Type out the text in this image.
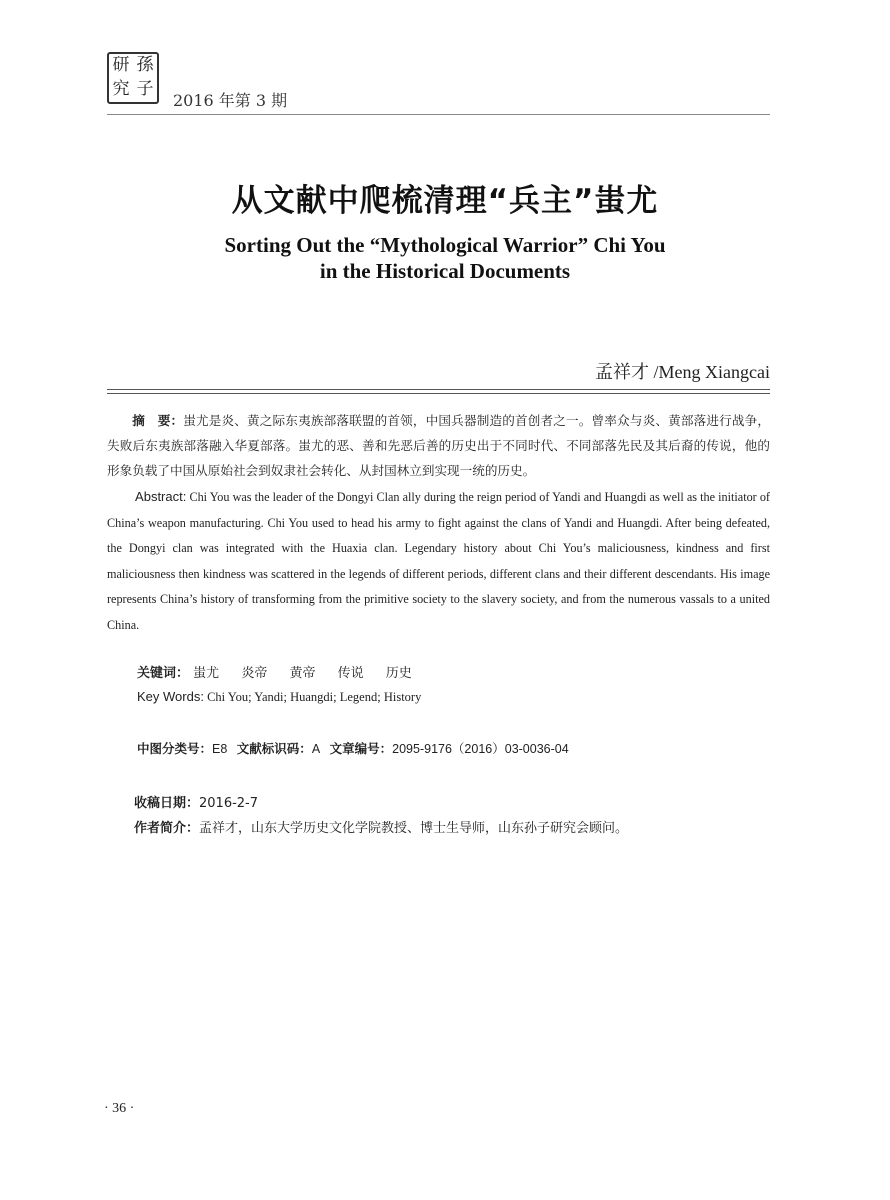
研 孫
究 子
2016 年第 3 期
从文献中爬梳清理“兵主”蚩尤
Sorting Out the “Mythological Warrior” Chi You
in the Historical Documents
孟祥才 /Meng Xiangcai
摘　要：蚩尤是炎、黄之际东夷族部落联盟的首领，中国兵器制造的首创者之一。曾率众与炎、黄部落进行战争，失败后东夷族部落融入华夏部落。蚩尤的恶、善和先恶后善的历史出于不同时代、不同部落先民及其后裔的传说，他的形象负载了中国从原始社会到奴隶社会转化、从封国林立到实现一统的历史。
Abstract: Chi You was the leader of the Dongyi Clan ally during the reign period of Yandi and Huangdi as well as the initiator of China’s weapon manufacturing. Chi You used to head his army to fight against the clans of Yandi and Huangdi. After being defeated, the Dongyi clan was integrated with the Huaxia clan. Legendary history about Chi You’s maliciousness, kindness and first maliciousness then kindness was scattered in the legends of different periods, different clans and their different descendants. His image represents China’s history of transforming from the primitive society to the slavery society, and from the numerous vassals to a united China.
关键词： 蚩尤 炎帝 黄帝 传说 历史
Key Words: Chi You; Yandi; Huangdi; Legend; History
中图分类号：E8 文献标识码：A 文章编号：2095-9176（2016）03-0036-04
收稿日期：2016-2-7
作者简介：孟祥才，山东大学历史文化学院教授、博士生导师，山东孙子研究会顾问。
· 36 ·
